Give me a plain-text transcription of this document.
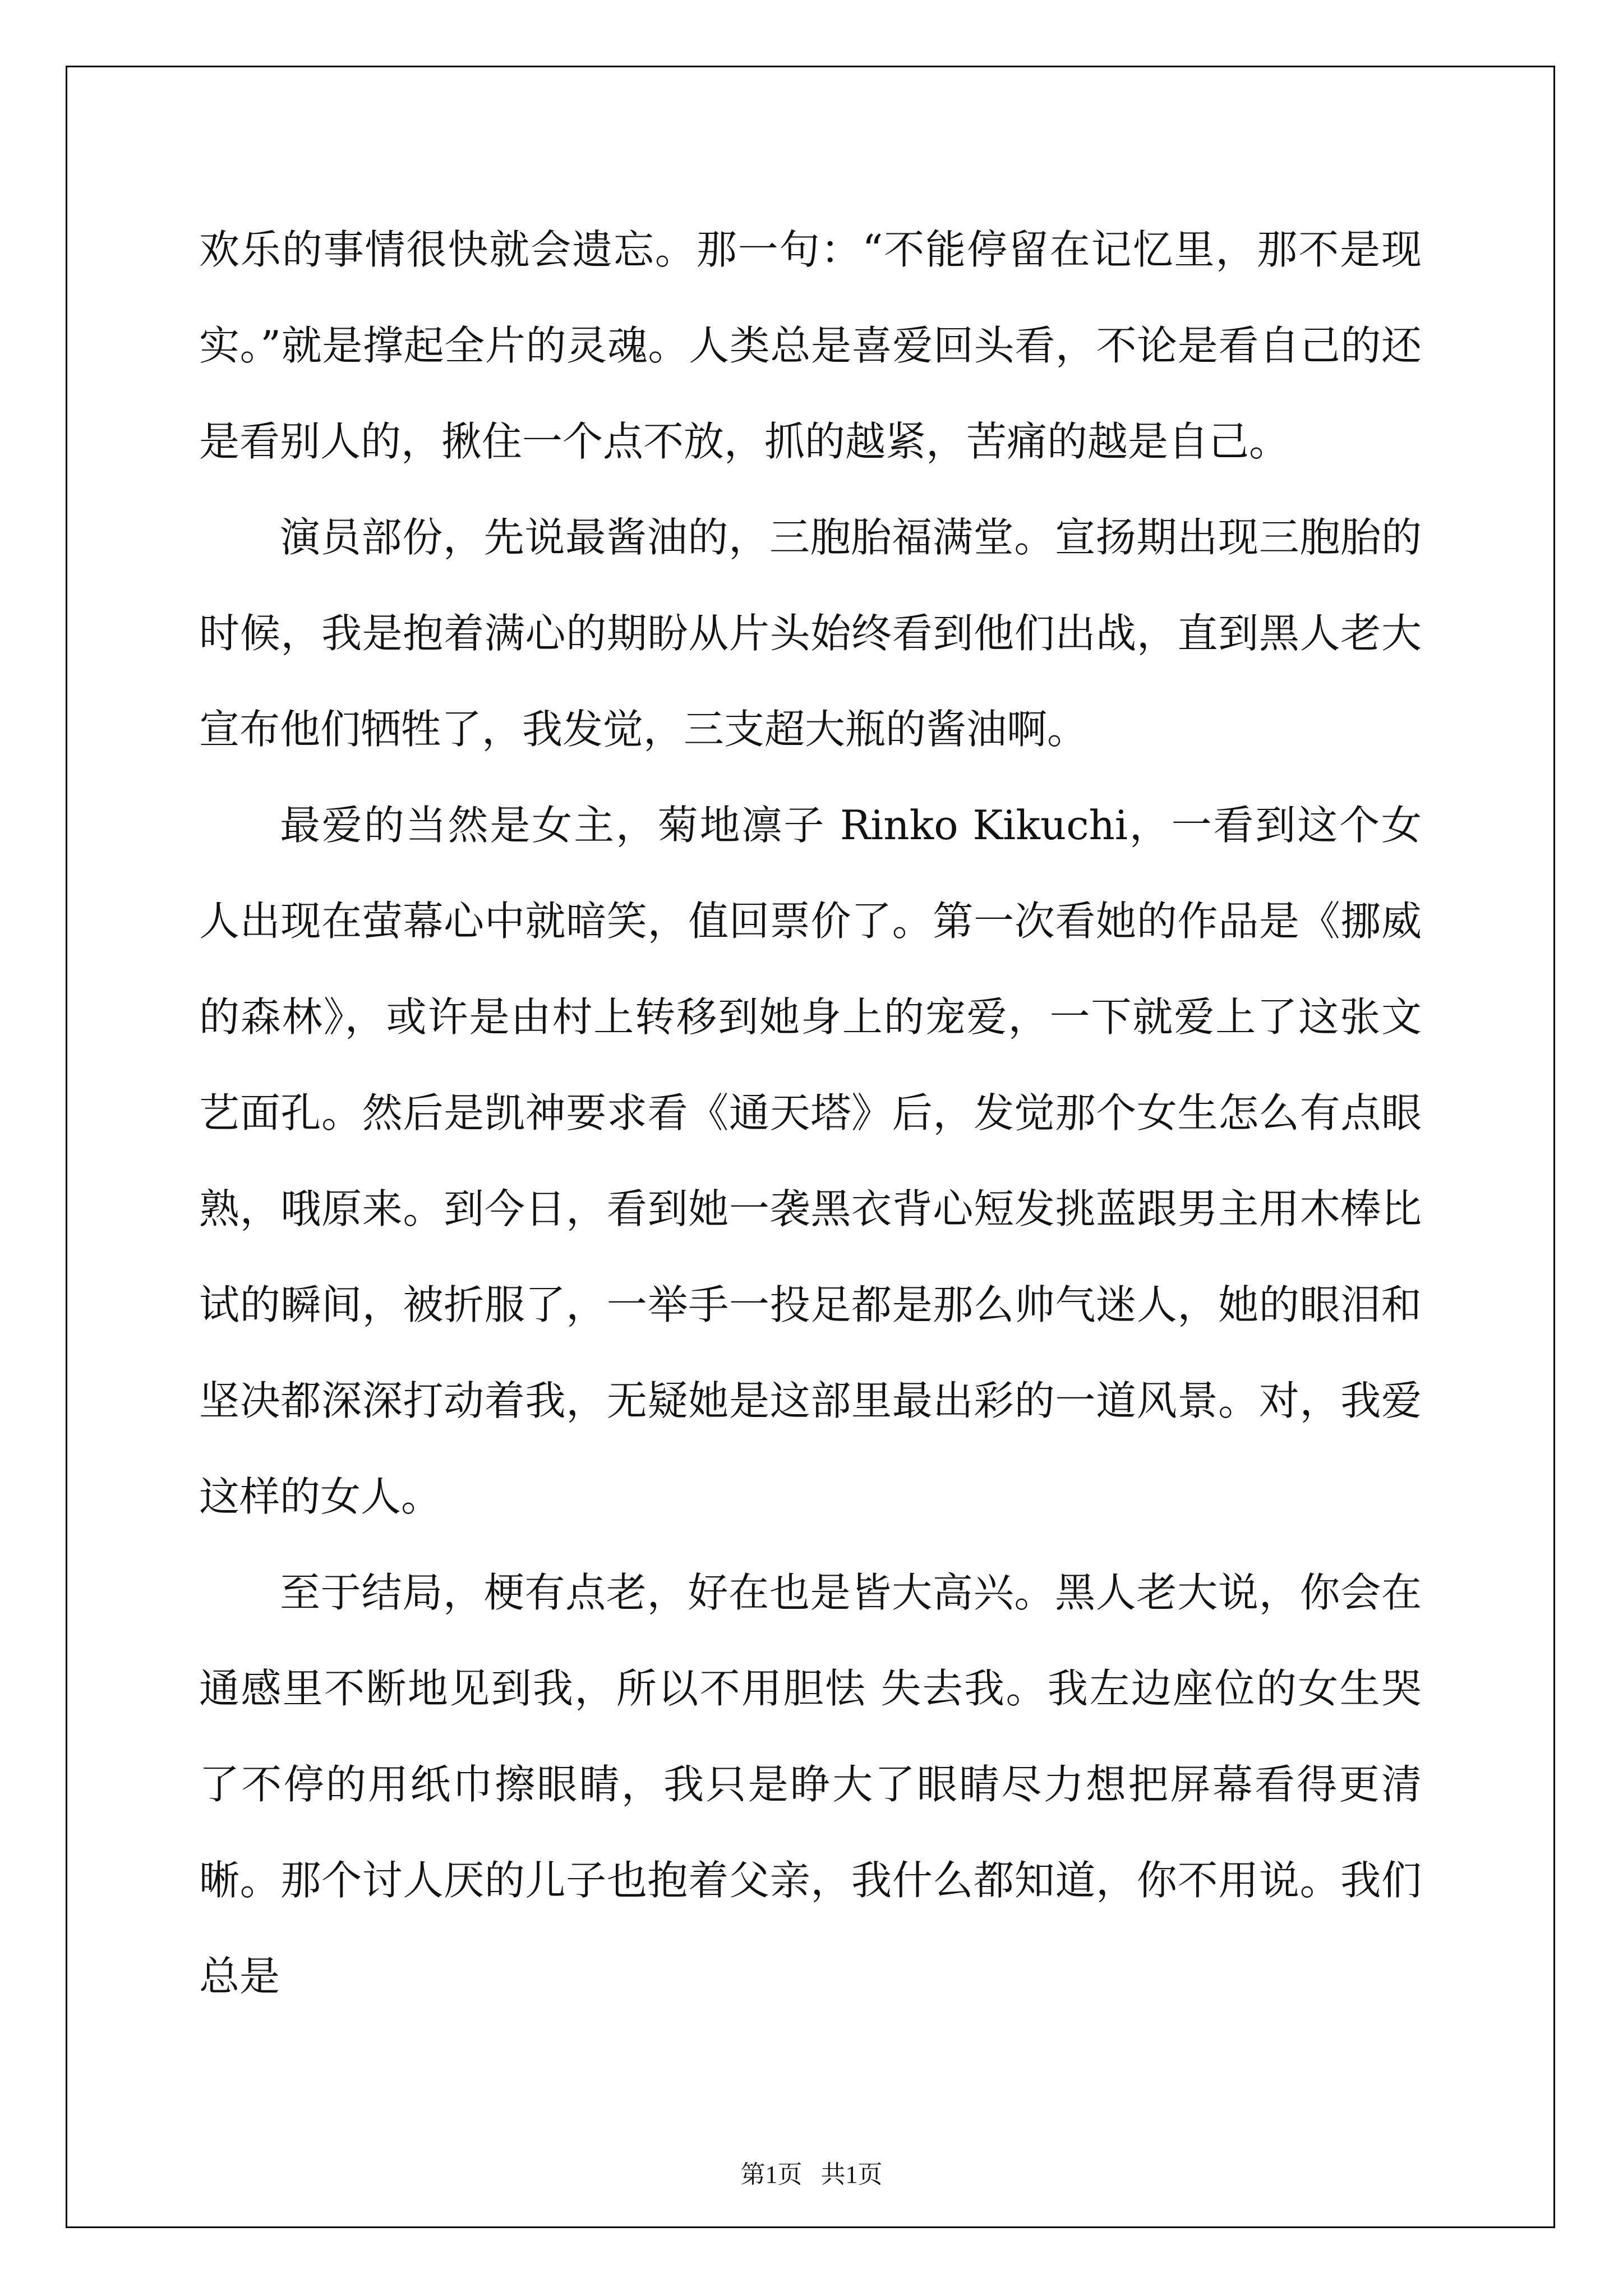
欢乐的事情很快就会遗忘。那一句：“不能停留在记忆里，那不是现实。”就是撑起全片的灵魂。人类总是喜爱回头看，不论是看自己的还是看别人的，揪住一个点不放，抓的越紧，苦痛的越是自己。

演员部份，先说最酱油的，三胞胎福满堂。宣扬期出现三胞胎的时候，我是抱着满心的期盼从片头始终看到他们出战，直到黑人老大宣布他们牺牲了，我发觉，三支超大瓶的酱油啊。

最爱的当然是女主，菊地凛子 Rinko Kikuchi，一看到这个女人出现在萤幕心中就暗笑，值回票价了。第一次看她的作品是《挪威的森林》，或许是由村上转移到她身上的宠爱，一下就爱上了这张文艺面孔。然后是凯神要求看《通天塔》后，发觉那个女生怎么有点眼熟，哦原来。到今日，看到她一袭黑衣背心短发挑蓝跟男主用木棒比试的瞬间，被折服了，一举手一投足都是那么帅气迷人，她的眼泪和坚决都深深打动着我，无疑她是这部里最出彩的一道风景。对，我爱这样的女人。

至于结局，梗有点老，好在也是皆大高兴。黑人老大说，你会在通感里不断地见到我，所以不用胆怯 失去我。我左边座位的女生哭了不停的用纸巾擦眼睛，我只是睁大了眼睛尽力想把屏幕看得更清晰。那个讨人厌的儿子也抱着父亲，我什么都知道，你不用说。我们总是

第1页   共1页
